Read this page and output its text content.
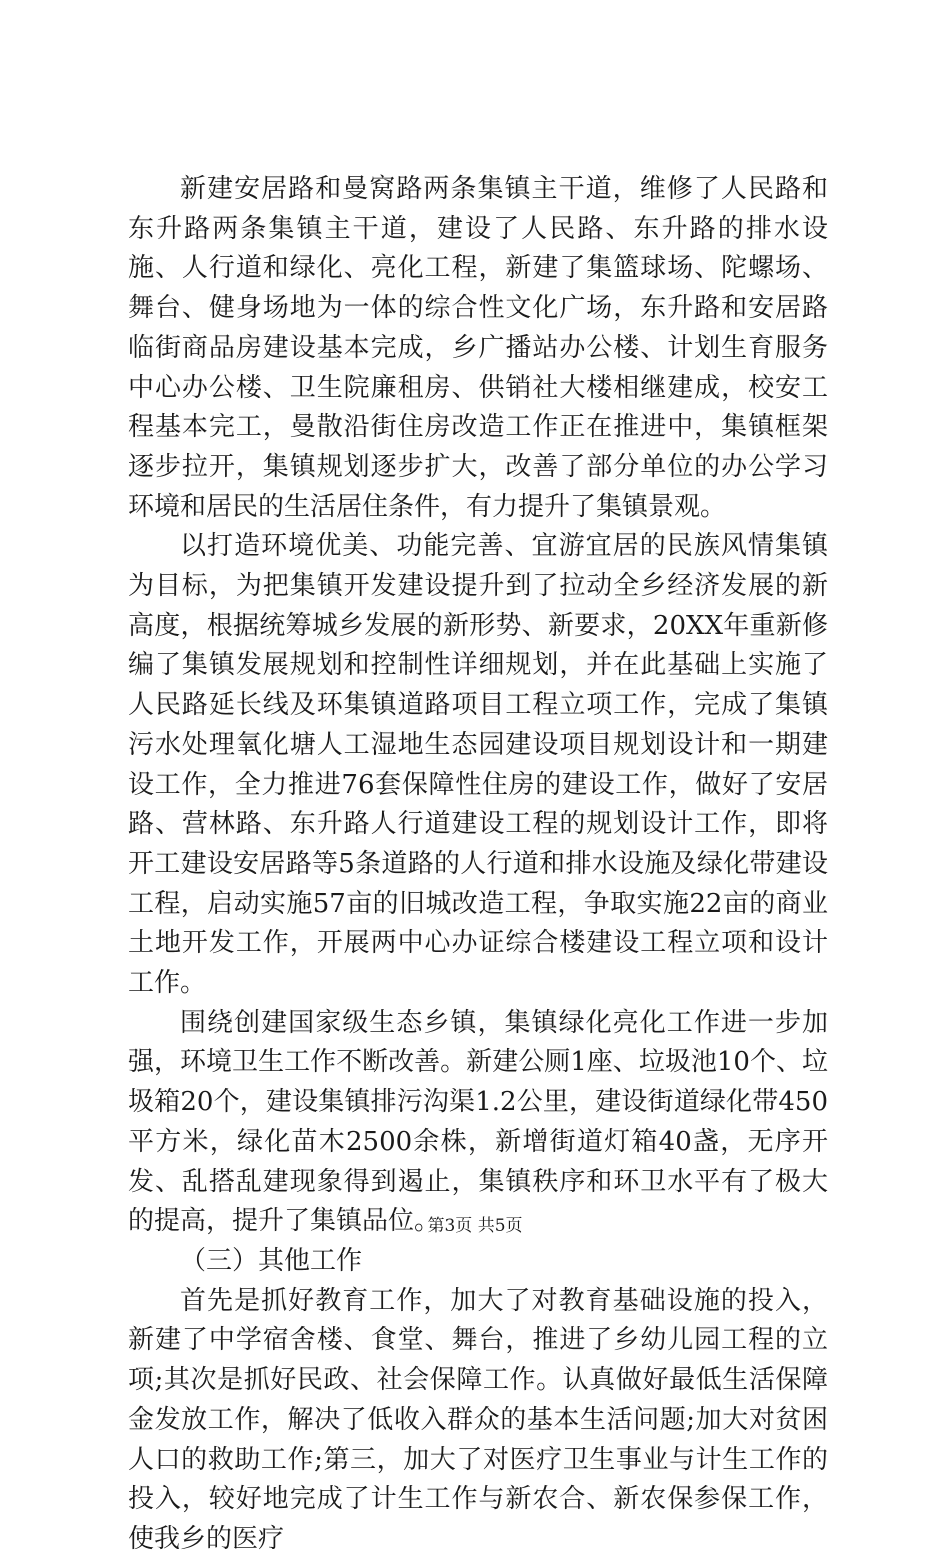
新建安居路和曼窝路两条集镇主干道，维修了人民路和东升路两条集镇主干道，建设了人民路、东升路的排水设施、人行道和绿化、亮化工程，新建了集篮球场、陀螺场、舞台、健身场地为一体的综合性文化广场，东升路和安居路临街商品房建设基本完成，乡广播站办公楼、计划生育服务中心办公楼、卫生院廉租房、供销社大楼相继建成，校安工程基本完工，曼散沿街住房改造工作正在推进中，集镇框架逐步拉开，集镇规划逐步扩大，改善了部分单位的办公学习环境和居民的生活居住条件，有力提升了集镇景观。

以打造环境优美、功能完善、宜游宜居的民族风情集镇为目标，为把集镇开发建设提升到了拉动全乡经济发展的新高度，根据统筹城乡发展的新形势、新要求，20XX年重新修编了集镇发展规划和控制性详细规划，并在此基础上实施了人民路延长线及环集镇道路项目工程立项工作，完成了集镇污水处理氧化塘人工湿地生态园建设项目规划设计和一期建设工作，全力推进76套保障性住房的建设工作，做好了安居路、营林路、东升路人行道建设工程的规划设计工作，即将开工建设安居路等5条道路的人行道和排水设施及绿化带建设工程，启动实施57亩的旧城改造工程，争取实施22亩的商业土地开发工作，开展两中心办证综合楼建设工程立项和设计工作。

围绕创建国家级生态乡镇，集镇绿化亮化工作进一步加强，环境卫生工作不断改善。新建公厕1座、垃圾池10个、垃圾箱20个，建设集镇排污沟渠1.2公里，建设街道绿化带450平方米，绿化苗木2500余株，新增街道灯箱40盏，无序开发、乱搭乱建现象得到遏止，集镇秩序和环卫水平有了极大的提高，提升了集镇品位。

（三）其他工作

首先是抓好教育工作，加大了对教育基础设施的投入，新建了中学宿舍楼、食堂、舞台，推进了乡幼儿园工程的立项;其次是抓好民政、社会保障工作。认真做好最低生活保障金发放工作，解决了低收入群众的基本生活问题;加大对贫困人口的救助工作;第三，加大了对医疗卫生事业与计生工作的投入，较好地完成了计生工作与新农合、新农保参保工作，使我乡的医疗

第3页 共5页
